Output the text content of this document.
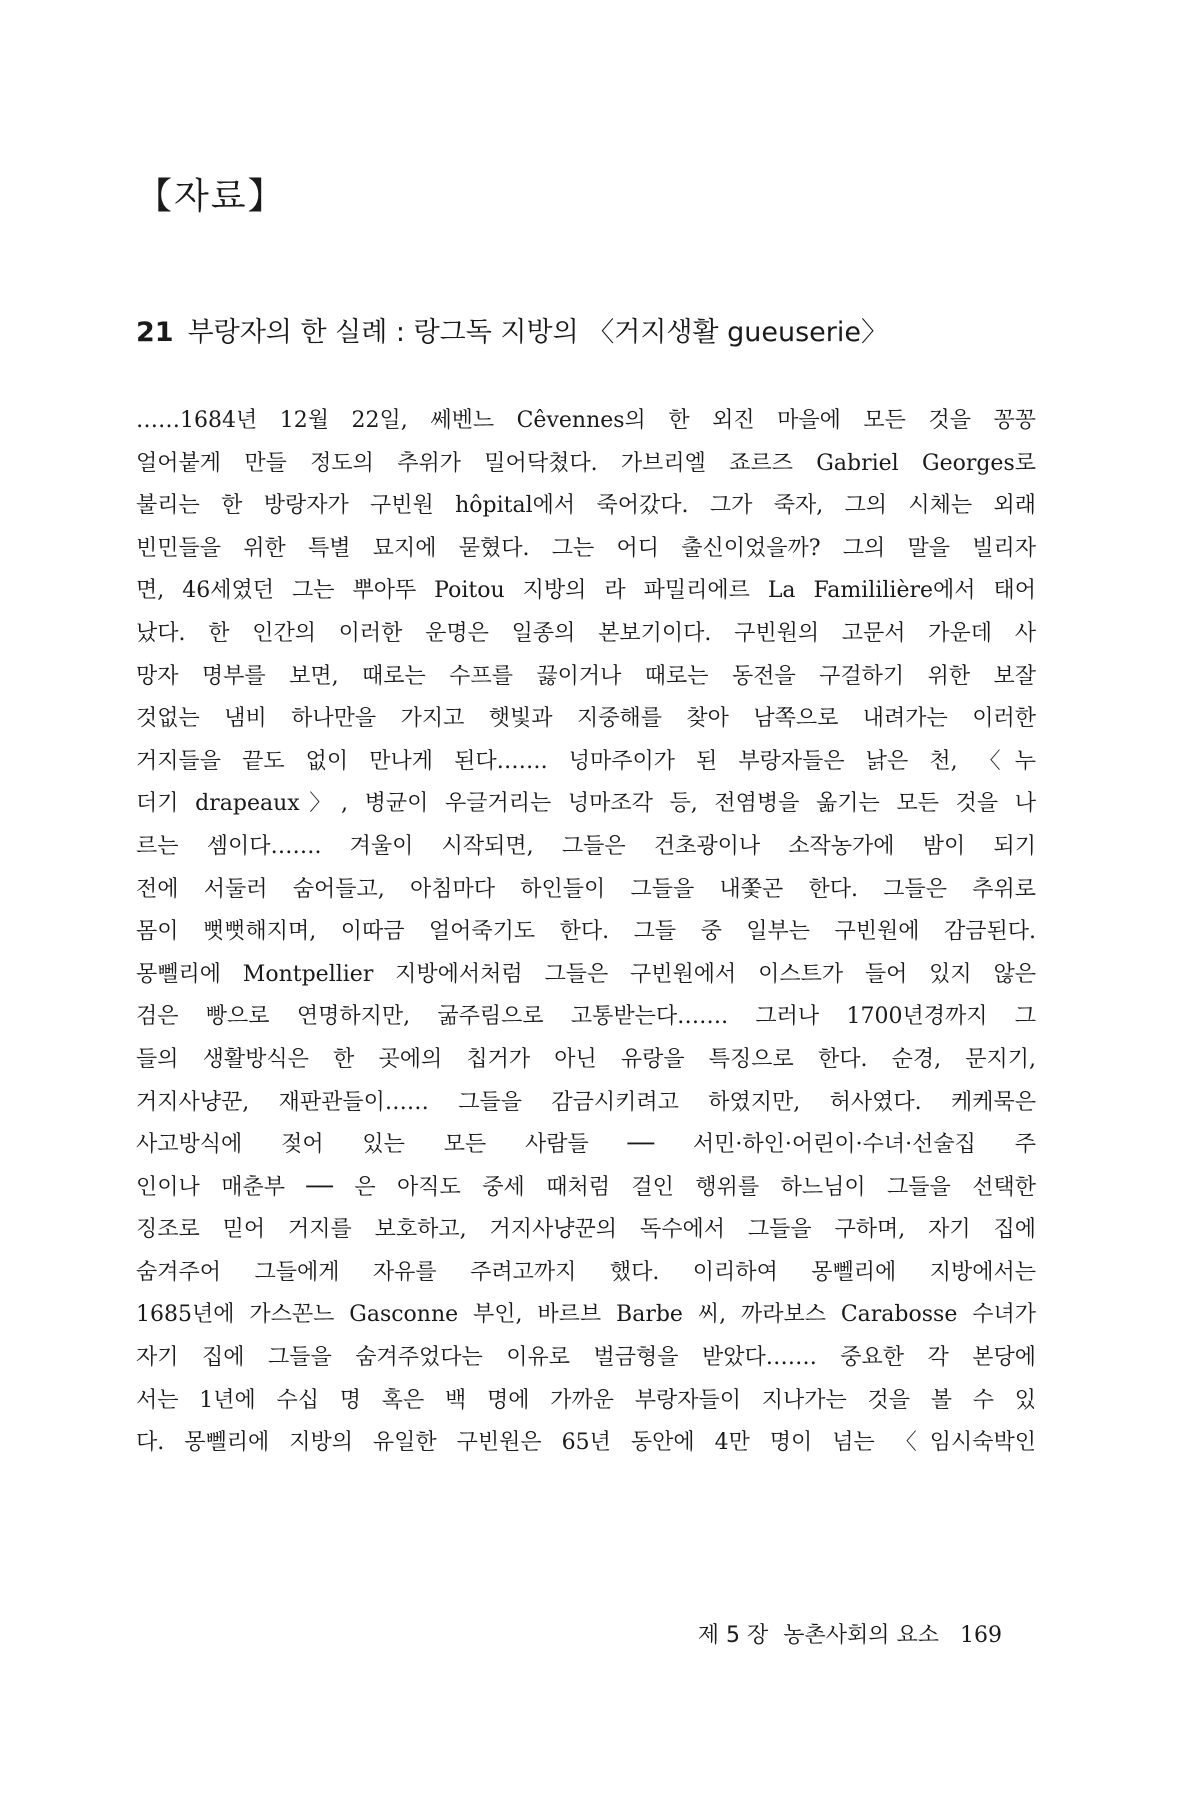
【자료】
21 부랑자의 한 실례 : 랑그독 지방의 〈거지생활 gueuserie〉
……1684년 12월 22일, 쎄벤느 Cêvennes의 한 외진 마을에 모든 것을 꽁꽁
얼어붙게 만들 정도의 추위가 밀어닥쳤다. 가브리엘 죠르즈 Gabriel Georges로
불리는 한 방랑자가 구빈원 hôpital에서 죽어갔다. 그가 죽자, 그의 시체는 외래
빈민들을 위한 특별 묘지에 묻혔다. 그는 어디 출신이었을까? 그의 말을 빌리자
면, 46세였던 그는 뿌아뚜 Poitou 지방의 라 파밀리에르 La Famililière에서 태어
났다. 한 인간의 이러한 운명은 일종의 본보기이다. 구빈원의 고문서 가운데 사
망자 명부를 보면, 때로는 수프를 끓이거나 때로는 동전을 구걸하기 위한 보잘
것없는 냄비 하나만을 가지고 햇빛과 지중해를 찾아 남쪽으로 내려가는 이러한
거지들을 끝도 없이 만나게 된다……. 넝마주이가 된 부랑자들은 낡은 천, 〈누
더기 drapeaux〉, 병균이 우글거리는 넝마조각 등, 전염병을 옮기는 모든 것을 나
르는 셈이다……. 겨울이 시작되면, 그들은 건초광이나 소작농가에 밤이 되기
전에 서둘러 숨어들고, 아침마다 하인들이 그들을 내쫓곤 한다. 그들은 추위로
몸이 뻣뻣해지며, 이따금 얼어죽기도 한다. 그들 중 일부는 구빈원에 감금된다.
몽뻴리에 Montpellier 지방에서처럼 그들은 구빈원에서 이스트가 들어 있지 않은
검은 빵으로 연명하지만, 굶주림으로 고통받는다……. 그러나 1700년경까지 그
들의 생활방식은 한 곳에의 칩거가 아닌 유랑을 특징으로 한다. 순경, 문지기,
거지사냥꾼, 재판관들이…… 그들을 감금시키려고 하였지만, 허사였다. 케케묵은
사고방식에 젖어 있는 모든 사람들 ── 서민·하인·어린이·수녀·선술집 주
인이나 매춘부 ── 은 아직도 중세 때처럼 걸인 행위를 하느님이 그들을 선택한
징조로 믿어 거지를 보호하고, 거지사냥꾼의 독수에서 그들을 구하며, 자기 집에
숨겨주어 그들에게 자유를 주려고까지 했다. 이리하여 몽뻴리에 지방에서는
1685년에 가스꼰느 Gasconne 부인, 바르브 Barbe 씨, 까라보스 Carabosse 수녀가
자기 집에 그들을 숨겨주었다는 이유로 벌금형을 받았다……. 중요한 각 본당에
서는 1년에 수십 명 혹은 백 명에 가까운 부랑자들이 지나가는 것을 볼 수 있
다. 몽뻴리에 지방의 유일한 구빈원은 65년 동안에 4만 명이 넘는 〈임시숙박인
제 5 장 농촌사회의 요소 169
